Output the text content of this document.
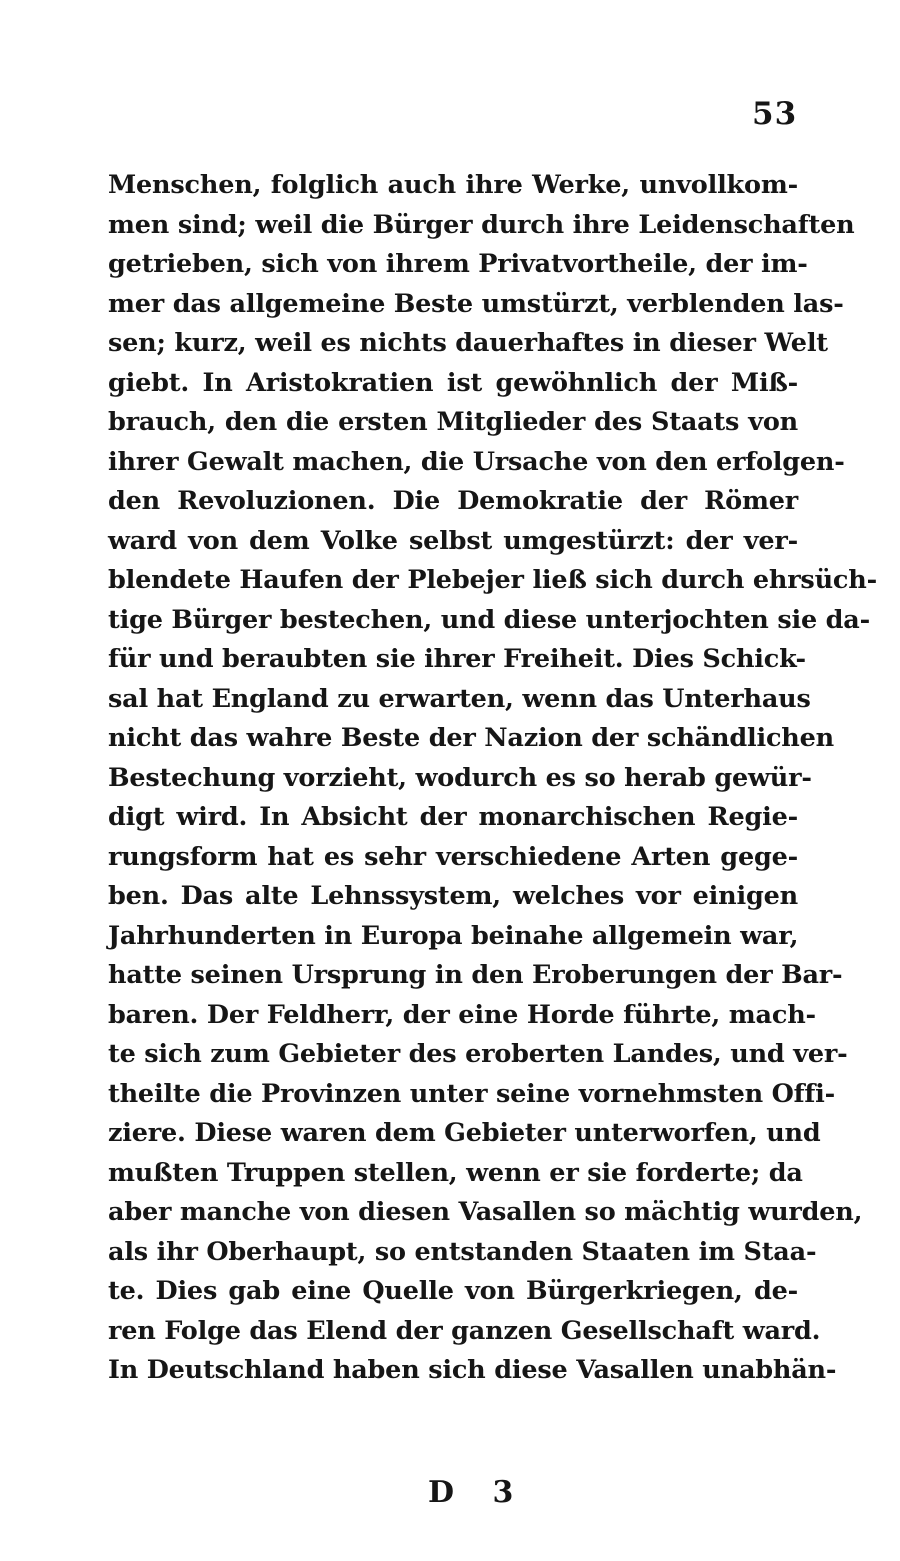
53
Menschen, folglich auch ihre Werke, unvollkom-
men sind; weil die Bürger durch ihre Leidenschaften
getrieben, sich von ihrem Privatvortheile, der im-
mer das allgemeine Beste umstürzt, verblenden las-
sen; kurz, weil es nichts dauerhaftes in dieser Welt
giebt. In Aristokratien ist gewöhnlich der Miß-
brauch, den die ersten Mitglieder des Staats von
ihrer Gewalt machen, die Ursache von den erfolgen-
den Revoluzionen. Die Demokratie der Römer
ward von dem Volke selbst umgestürzt: der ver-
blendete Haufen der Plebejer ließ sich durch ehrsüch-
tige Bürger bestechen, und diese unterjochten sie da-
für und beraubten sie ihrer Freiheit. Dies Schick-
sal hat England zu erwarten, wenn das Unterhaus
nicht das wahre Beste der Nazion der schändlichen
Bestechung vorzieht, wodurch es so herab gewür-
digt wird. In Absicht der monarchischen Regie-
rungsform hat es sehr verschiedene Arten gege-
ben. Das alte Lehnssystem, welches vor einigen
Jahrhunderten in Europa beinahe allgemein war,
hatte seinen Ursprung in den Eroberungen der Bar-
baren. Der Feldherr, der eine Horde führte, mach-
te sich zum Gebieter des eroberten Landes, und ver-
theilte die Provinzen unter seine vornehmsten Offi-
ziere. Diese waren dem Gebieter unterworfen, und
mußten Truppen stellen, wenn er sie forderte; da
aber manche von diesen Vasallen so mächtig wurden,
als ihr Oberhaupt, so entstanden Staaten im Staa-
te. Dies gab eine Quelle von Bürgerkriegen, de-
ren Folge das Elend der ganzen Gesellschaft ward.
In Deutschland haben sich diese Vasallen unabhän-
D 3
